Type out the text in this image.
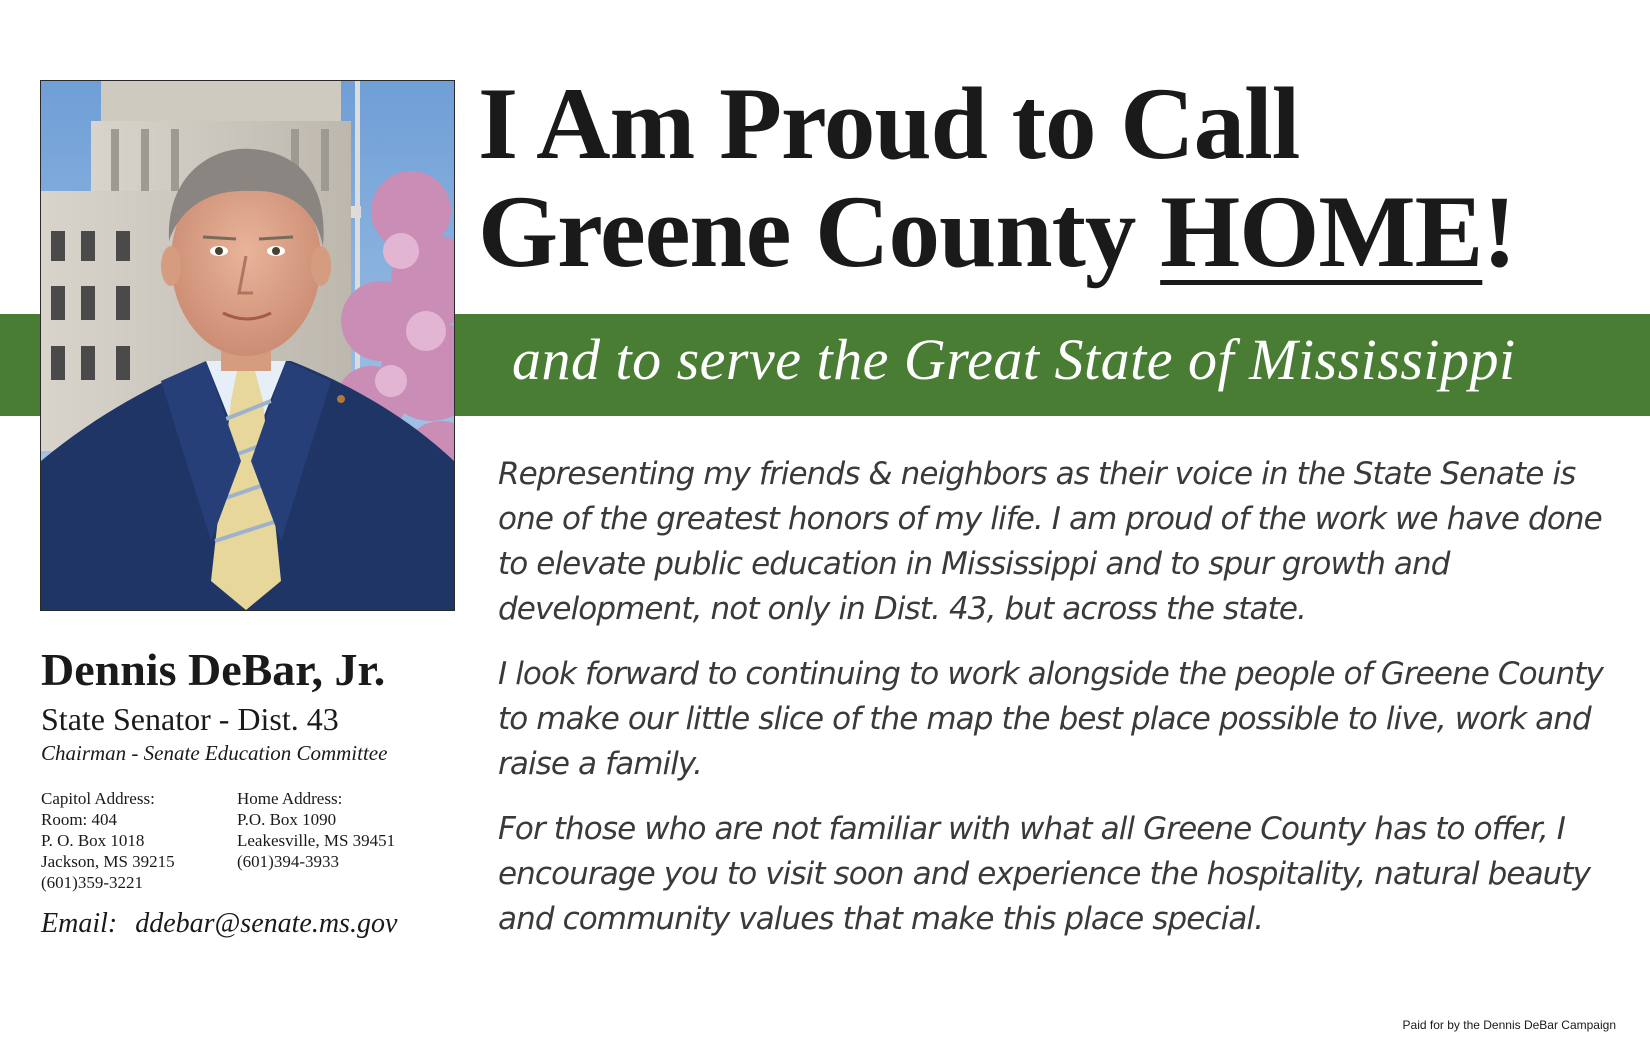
I Am Proud to Call
Greene County HOME!

and to serve the Great State of Mississippi

Representing my friends & neighbors as their voice in the State Senate is one of the greatest honors of my life. I am proud of the work we have done to elevate public education in Mississippi and to spur growth and development, not only in Dist. 43, but across the state.

I look forward to continuing to work alongside the people of Greene County to make our little slice of the map the best place possible to live, work and raise a family.

For those who are not familiar with what all Greene County has to offer, I encourage you to visit soon and experience the hospitality, natural beauty and community values that make this place special.

Dennis DeBar, Jr.
State Senator - Dist. 43
Chairman - Senate Education Committee
Capitol Address:
Room: 404
P. O. Box 1018
Jackson, MS 39215
(601)359-3221
Home Address:
P.O. Box 1090
Leakesville, MS 39451
(601)394-3933
Email: ddebar@senate.ms.gov
Paid for by the Dennis DeBar Campaign
